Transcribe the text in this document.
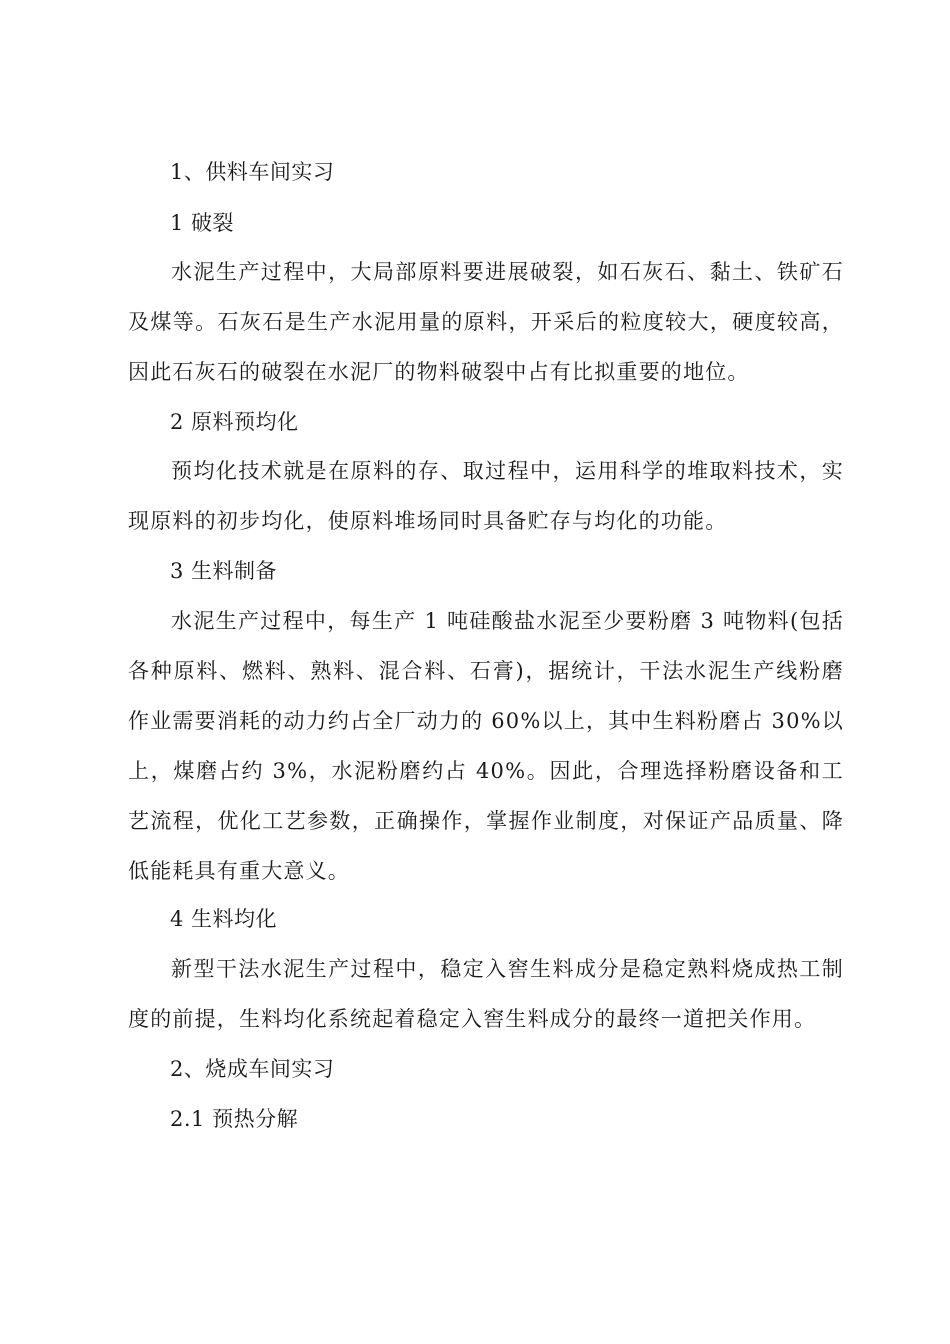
1、供料车间实习
1 破裂
水泥生产过程中，大局部原料要进展破裂，如石灰石、黏土、铁矿石及煤等。石灰石是生产水泥用量的原料，开采后的粒度较大，硬度较高，因此石灰石的破裂在水泥厂的物料破裂中占有比拟重要的地位。
2 原料预均化
预均化技术就是在原料的存、取过程中，运用科学的堆取料技术，实现原料的初步均化，使原料堆场同时具备贮存与均化的功能。
3 生料制备
水泥生产过程中，每生产 1 吨硅酸盐水泥至少要粉磨 3 吨物料(包括各种原料、燃料、熟料、混合料、石膏)，据统计，干法水泥生产线粉磨作业需要消耗的动力约占全厂动力的 60%以上，其中生料粉磨占 30%以上，煤磨占约 3%，水泥粉磨约占 40%。因此，合理选择粉磨设备和工艺流程，优化工艺参数，正确操作，掌握作业制度，对保证产品质量、降低能耗具有重大意义。
4 生料均化
新型干法水泥生产过程中，稳定入窖生料成分是稳定熟料烧成热工制度的前提，生料均化系统起着稳定入窖生料成分的最终一道把关作用。
2、烧成车间实习
2.1 预热分解
